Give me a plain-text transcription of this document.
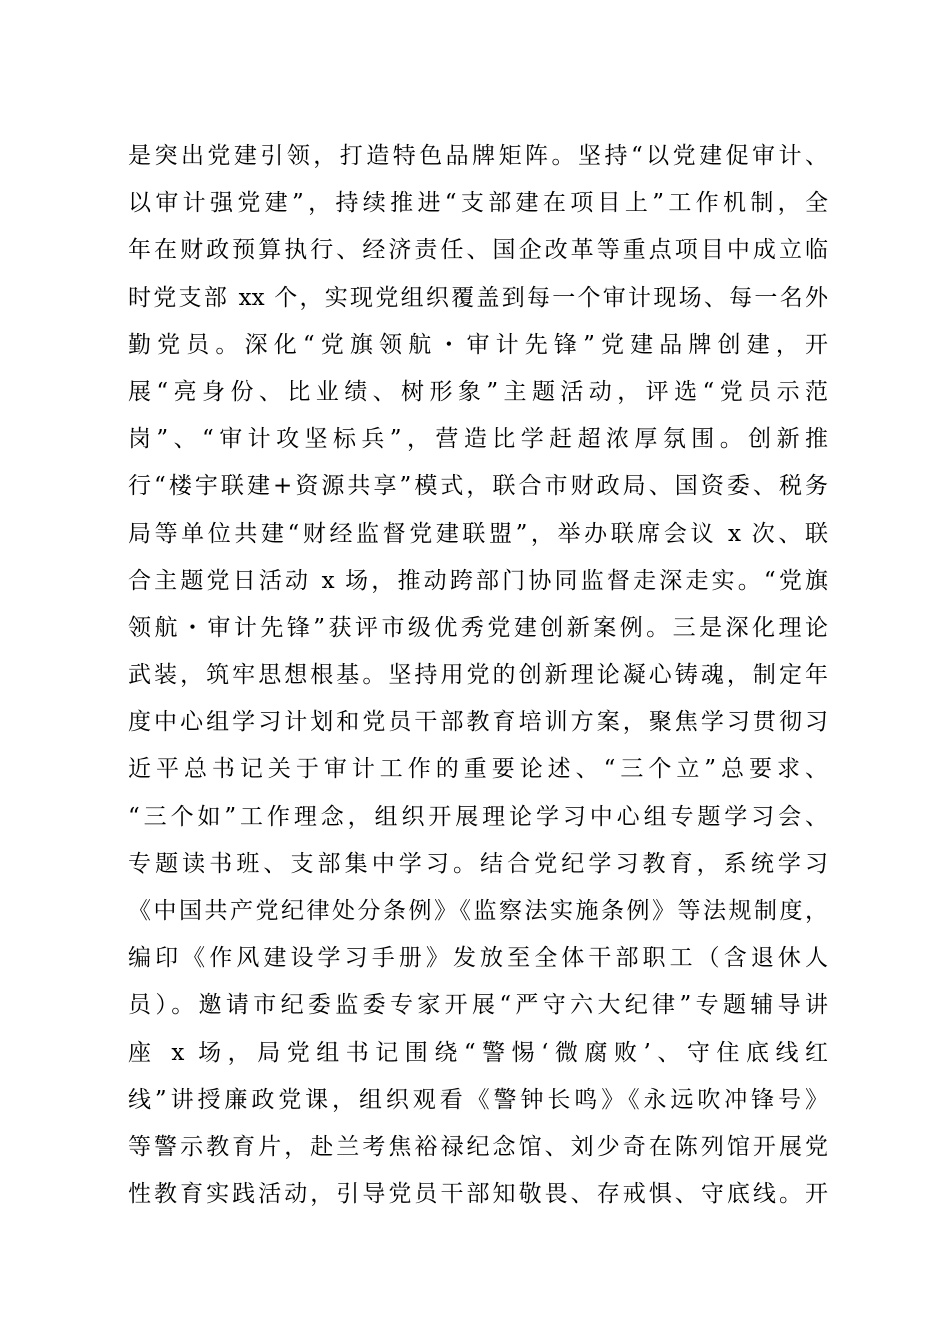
是突出党建引领，打造特色品牌矩阵。坚持“以党建促审计、
以审计强党建”，持续推进“支部建在项目上”工作机制，全
年在财政预算执行、经济责任、国企改革等重点项目中成立临
时党支部 xx 个，实现党组织覆盖到每一个审计现场、每一名外
勤党员。深化“党旗领航・审计先锋”党建品牌创建，开
展“亮身份、比业绩、树形象”主题活动，评选“党员示范
岗”、“审计攻坚标兵”，营造比学赶超浓厚氛围。创新推
行“楼宇联建+资源共享”模式，联合市财政局、国资委、税务
局等单位共建“财经监督党建联盟”，举办联席会议 x 次、联
合主题党日活动 x 场，推动跨部门协同监督走深走实。“党旗
领航・审计先锋”获评市级优秀党建创新案例。三是深化理论
武装，筑牢思想根基。坚持用党的创新理论凝心铸魂，制定年
度中心组学习计划和党员干部教育培训方案，聚焦学习贯彻习
近平总书记关于审计工作的重要论述、“三个立”总要求、
“三个如”工作理念，组织开展理论学习中心组专题学习会、
专题读书班、支部集中学习。结合党纪学习教育，系统学习
《中国共产党纪律处分条例》《监察法实施条例》等法规制度，
编印《作风建设学习手册》发放至全体干部职工（含退休人
员）。邀请市纪委监委专家开展“严守六大纪律”专题辅导讲
座 x 场，局党组书记围绕“警惕‘微腐败’、守住底线红
线”讲授廉政党课，组织观看《警钟长鸣》《永远吹冲锋号》
等警示教育片，赴兰考焦裕禄纪念馆、刘少奇在陈列馆开展党
性教育实践活动，引导党员干部知敬畏、存戒惧、守底线。开
